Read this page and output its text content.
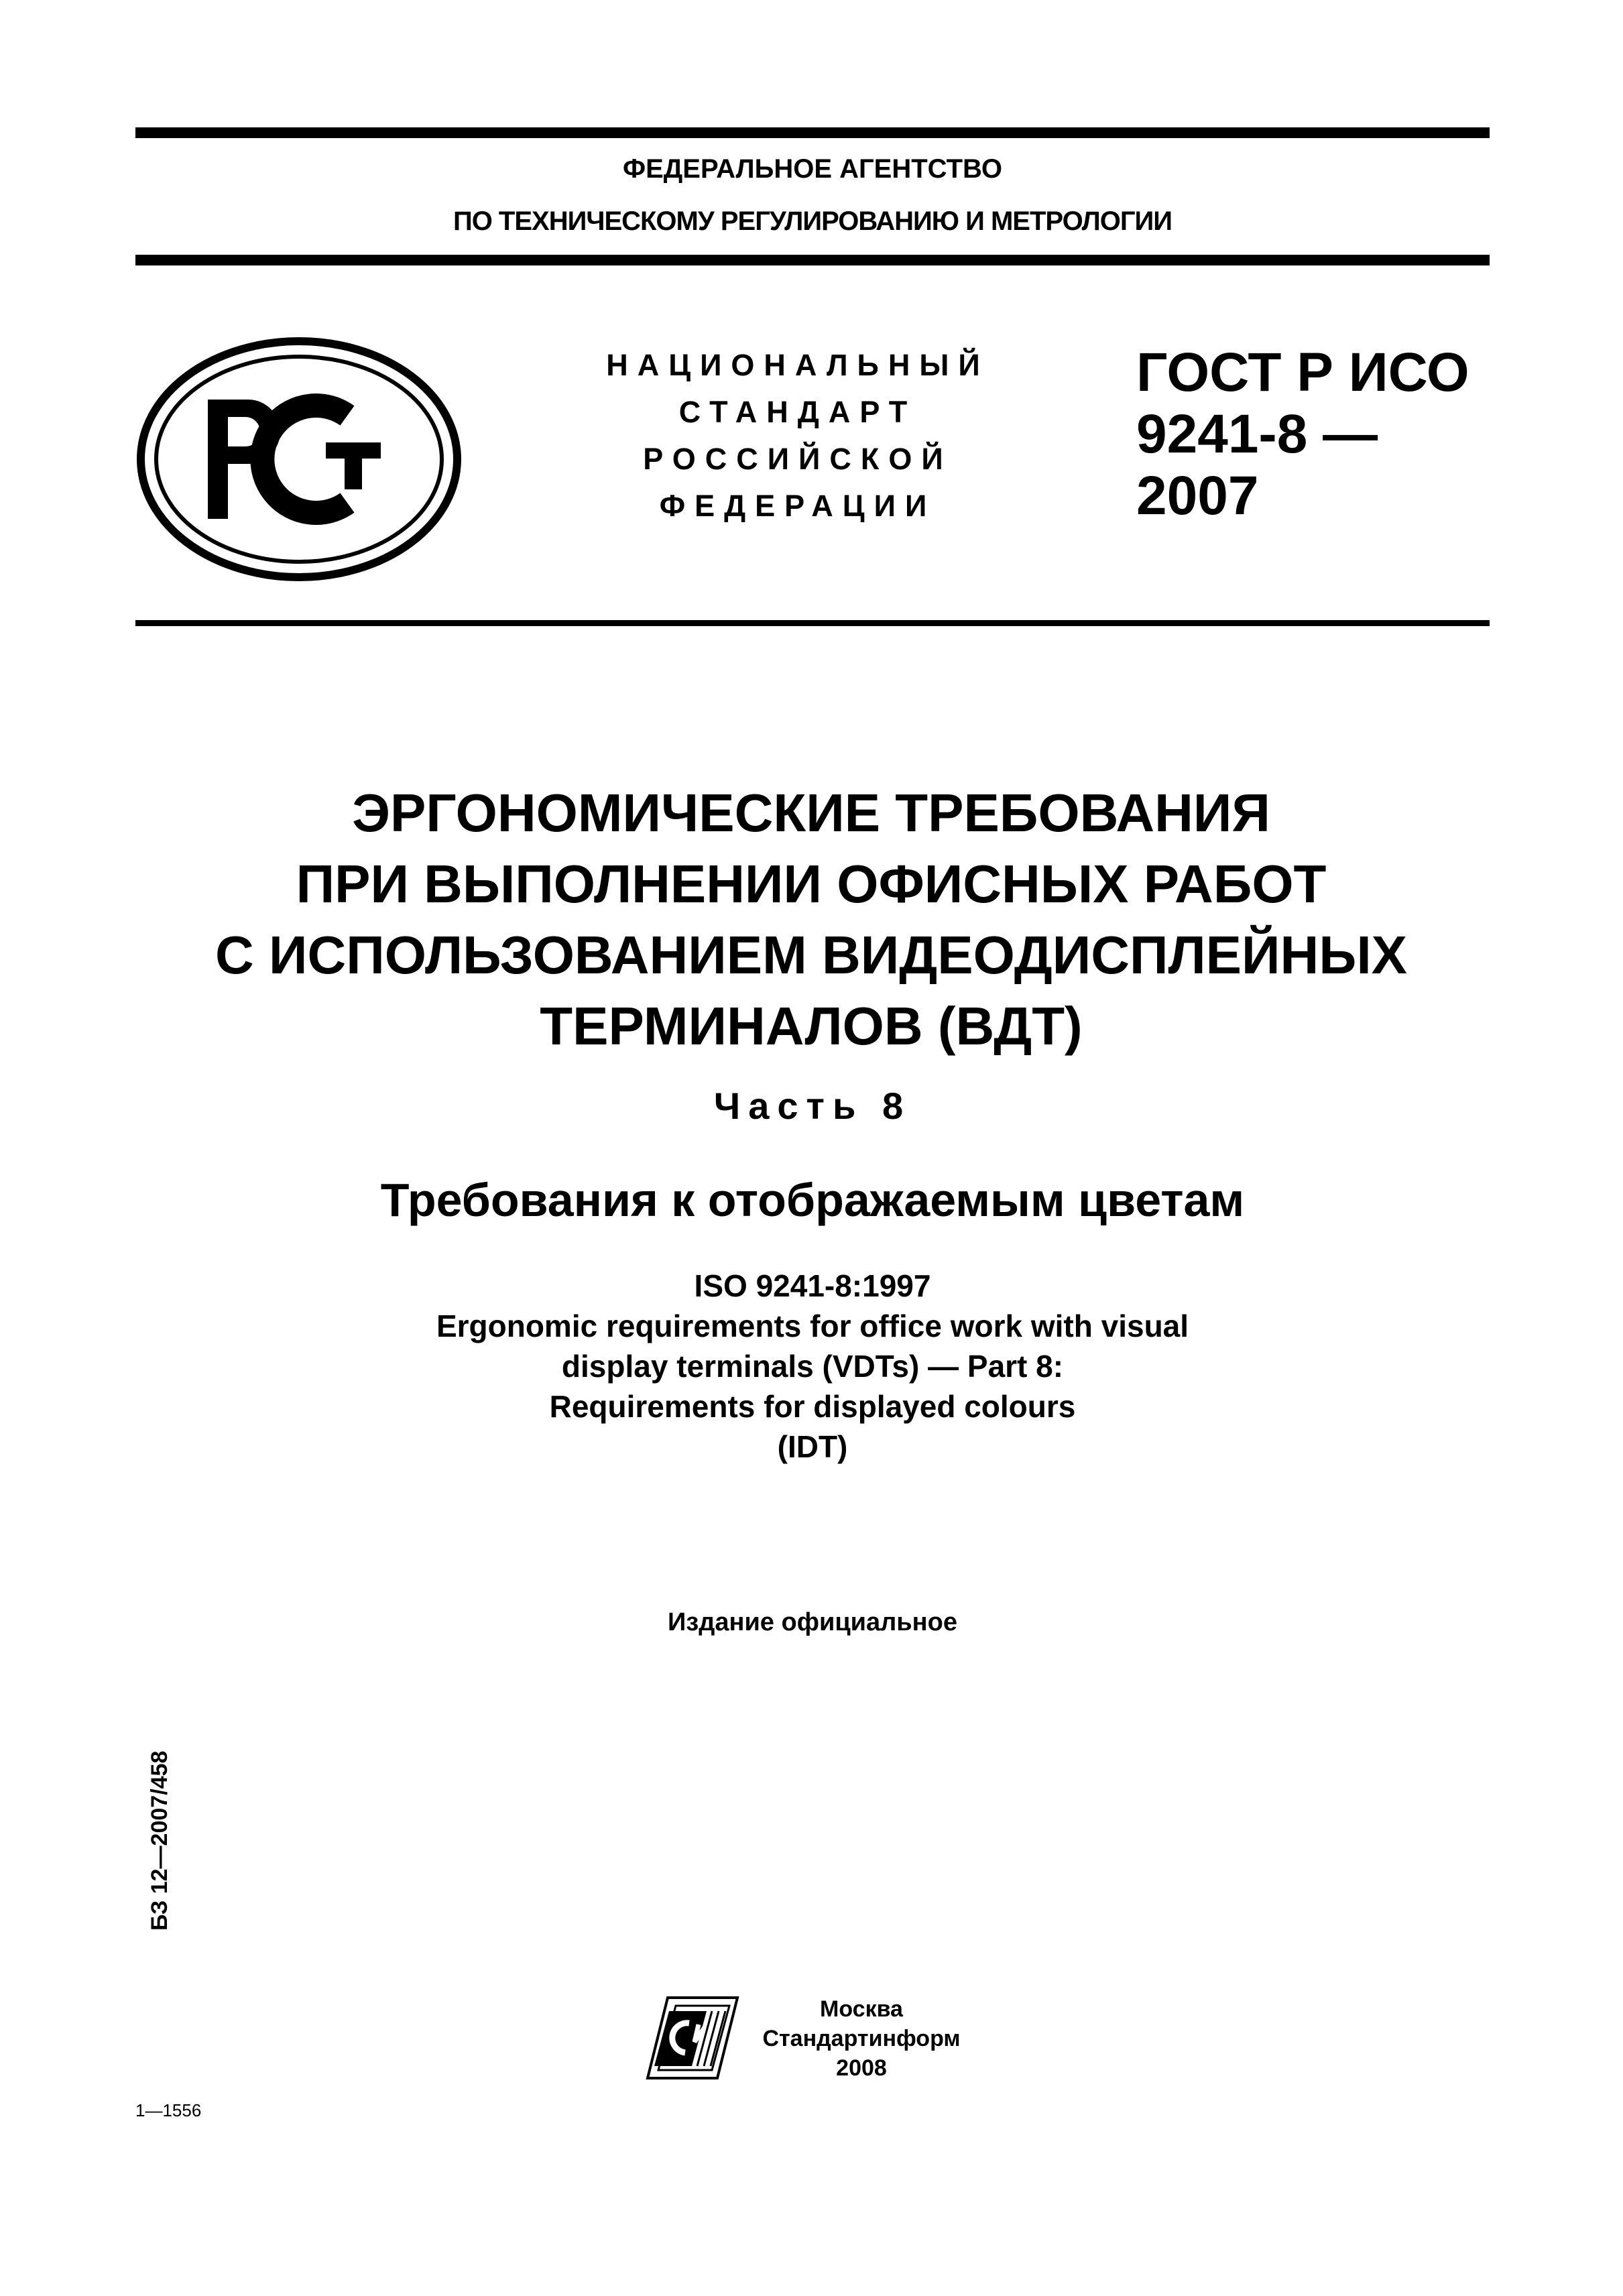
ФЕДЕРАЛЬНОЕ АГЕНТСТВО
ПО ТЕХНИЧЕСКОМУ РЕГУЛИРОВАНИЮ И МЕТРОЛОГИИ
НАЦИОНАЛЬНЫЙ
СТАНДАРТ
РОССИЙСКОЙ
ФЕДЕРАЦИИ
ГОСТ Р ИСО
9241-8 —
2007
ЭРГОНОМИЧЕСКИЕ ТРЕБОВАНИЯ
ПРИ ВЫПОЛНЕНИИ ОФИСНЫХ РАБОТ
С ИСПОЛЬЗОВАНИЕМ ВИДЕОДИСПЛЕЙНЫХ
ТЕРМИНАЛОВ (ВДТ)
Часть 8
Требования к отображаемым цветам
ISO 9241-8:1997
Ergonomic requirements for office work with visual
display terminals (VDTs) — Part 8:
Requirements for displayed colours
(IDT)
Издание официальное
БЗ 12—2007/458
Москва
Стандартинформ
2008
1—1556
